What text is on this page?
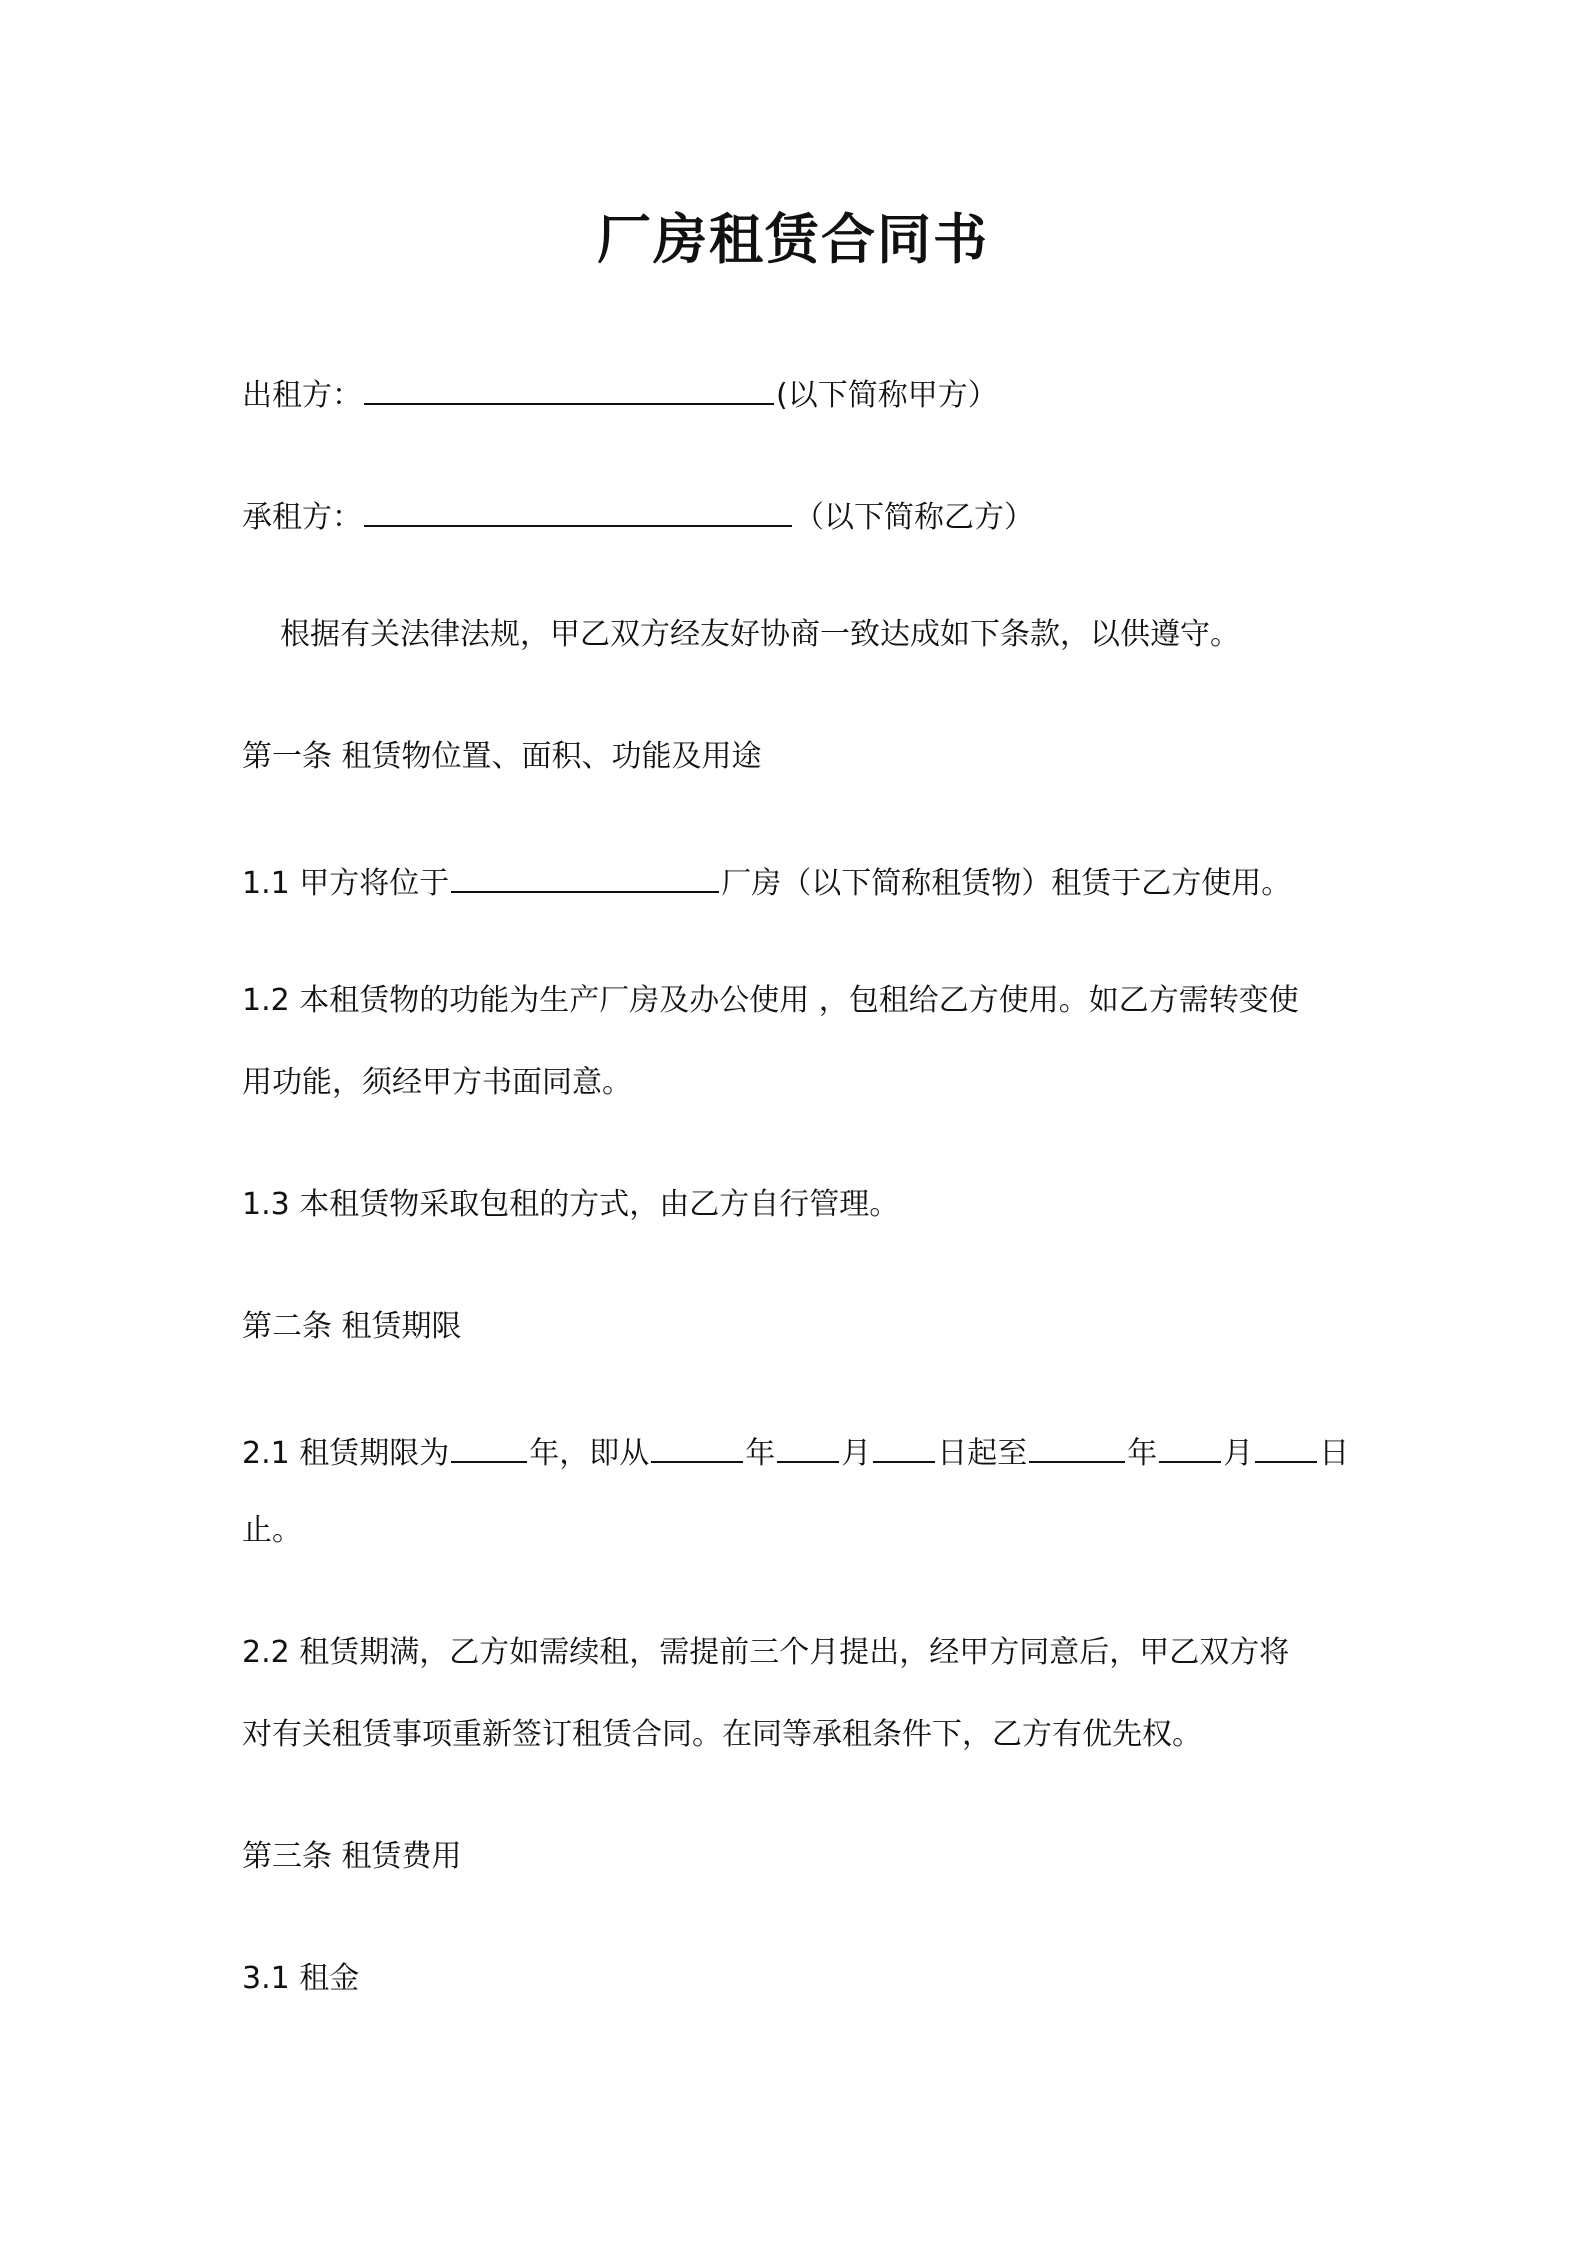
厂房租赁合同书
出租方：	(以下简称甲方）
承租方：	（以下简称乙方）
根据有关法律法规，甲乙双方经友好协商一致达成如下条款，以供遵守。
第一条 租赁物位置、面积、功能及用途
1.1 甲方将位于	厂房（以下简称租赁物）租赁于乙方使用。
1.2 本租赁物的功能为生产厂房及办公使用 ，包租给乙方使用。如乙方需转变使
用功能，须经甲方书面同意。
1.3 本租赁物采取包租的方式，由乙方自行管理。
第二条 租赁期限
2.1 租赁期限为	年，即从	年 月 日起至	年 月 日
止。
2.2 租赁期满，乙方如需续租，需提前三个月提出，经甲方同意后，甲乙双方将
对有关租赁事项重新签订租赁合同。在同等承租条件下，乙方有优先权。
第三条 租赁费用
3.1 租金
